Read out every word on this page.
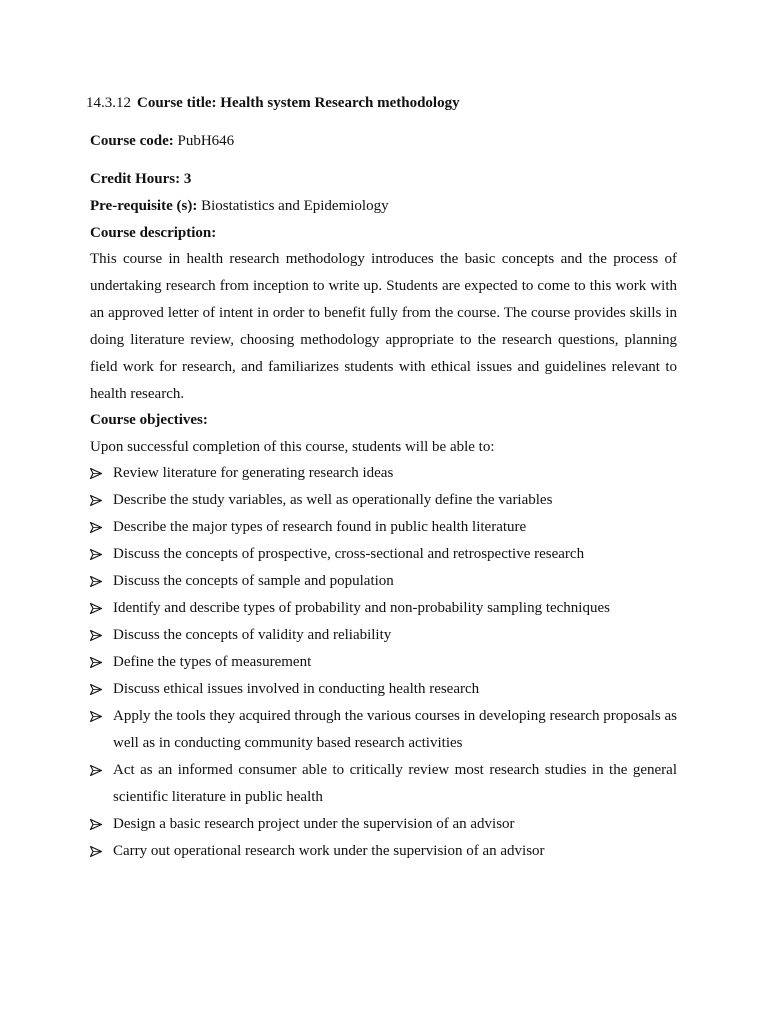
14.3.12 Course title: Health system Research methodology
Course code: PubH646
Credit Hours: 3
Pre-requisite (s): Biostatistics and Epidemiology
Course description:

This course in health research methodology introduces the basic concepts and the process of undertaking research from inception to write up. Students are expected to come to this work with an approved letter of intent in order to benefit fully from the course. The course provides skills in doing literature review, choosing methodology appropriate to the research questions, planning field work for research, and familiarizes students with ethical issues and guidelines relevant to health research.

Course objectives:
Upon successful completion of this course, students will be able to:
Review literature for generating research ideas
Describe the study variables, as well as operationally define the variables
Describe the major types of research found in public health literature
Discuss the concepts of prospective, cross-sectional and retrospective research
Discuss the concepts of sample and population
Identify and describe types of probability and non-probability sampling techniques
Discuss the concepts of validity and reliability
Define the types of measurement
Discuss ethical issues involved in conducting health research
Apply the tools they acquired through the various courses in developing research proposals as well as in conducting community based research activities
Act as an informed consumer able to critically review most research studies in the general scientific literature in public health
Design a basic research project under the supervision of an advisor
Carry out operational research work under the supervision of an advisor
